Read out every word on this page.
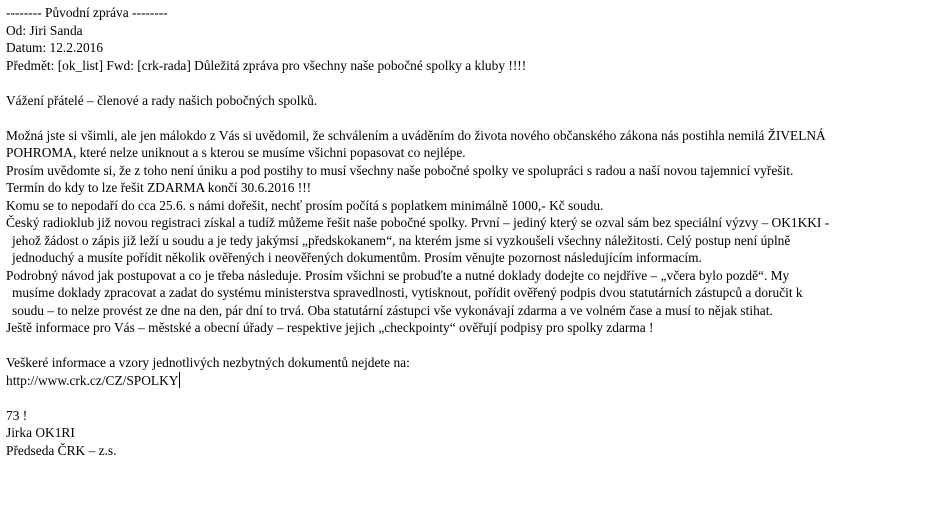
-------- Původní zpráva --------
Od: Jiri Sanda
Datum: 12.2.2016
Předmět: [ok_list] Fwd: [crk-rada] Důležitá zpráva pro všechny naše pobočné spolky a kluby !!!!
Vážení přátelé – členové a rady našich pobočných spolků.
Možná jste si všimli, ale jen málokdo z Vás si uvědomil, že schválením a uváděním do života nového občanského zákona nás postihla nemilá ŽIVELNÁ
POHROMA, které nelze uniknout a s kterou se musíme všichni popasovat co nejlépe.
Prosím uvědomte si, že z toho není úniku a pod postihy to musí všechny naše pobočné spolky ve spolupráci s radou a naší novou tajemnicí vyřešit.
Termín do kdy to lze řešit ZDARMA končí 30.6.2016 !!!
Komu se to nepodaří do cca 25.6. s námi dořešit, nechť prosím počítá s poplatkem minimálně 1000,- Kč soudu.
Český radioklub již novou registraci získal a tudíž můžeme řešit naše pobočné spolky. První – jediný který se ozval sám bez speciální výzvy – OK1KKI -
jehož žádost o zápis již leží u soudu a je tedy jakýmsi „předskokanem“, na kterém jsme si vyzkoušeli všechny náležitosti. Celý postup není úplně
jednoduchý a musíte pořídit několik ověřených i neověřených dokumentům. Prosím věnujte pozornost následujícím informacím.
Podrobný návod jak postupovat a co je třeba následuje. Prosím všichni se probuďte a nutné doklady dodejte co nejdříve – „včera bylo pozdě“. My
musíme doklady zpracovat a zadat do systému ministerstva spravedlnosti, vytisknout, pořídit ověřený podpis dvou statutárních zástupců a doručit k
soudu – to nelze provést ze dne na den, pár dní to trvá. Oba statutární zástupci vše vykonávají zdarma a ve volném čase a musí to nějak stihat.
Ještě informace pro Vás – městské a obecní úřady – respektive jejich „checkpointy“ ověřují podpisy pro spolky zdarma !
Veškeré informace a vzory jednotlivých nezbytných dokumentů nejdete na:
http://www.crk.cz/CZ/SPOLKY
73 !
Jirka OK1RI
Předseda ČRK – z.s.
